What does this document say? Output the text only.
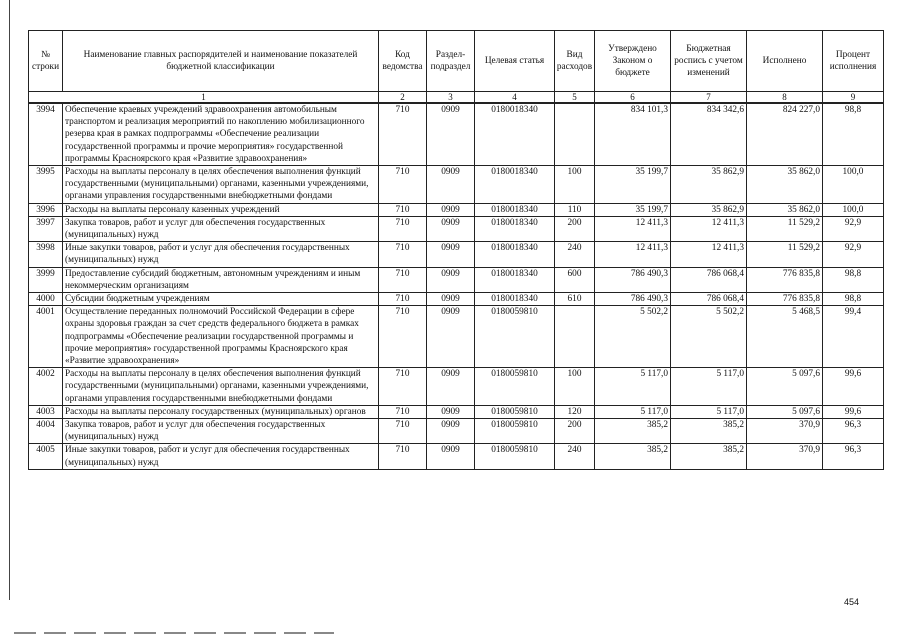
№ строки	Наименование главных распорядителей и наименование показателей бюджетной классификации	Код ведомства	Раздел-подраздел	Целевая статья	Вид расходов	Утверждено Законом о бюджете	Бюджетная роспись с учетом изменений	Исполнено	Процент исполнения
1		2	3	4	5	6	7	8	9
3994	Обеспечение краевых учреждений здравоохранения автомобильным транспортом и реализация мероприятий по накоплению мобилизационного резерва края в рамках подпрограммы «Обеспечение реализации государственной программы и прочие мероприятия» государственной программы Красноярского края «Развитие здравоохранения»	710	0909	0180018340		834 101,3	834 342,6	824 227,0	98,8
3995	Расходы на выплаты персоналу в целях обеспечения выполнения функций государственными (муниципальными) органами, казенными учреждениями, органами управления государственными внебюджетными фондами	710	0909	0180018340	100	35 199,7	35 862,9	35 862,0	100,0
3996	Расходы на выплаты персоналу казенных учреждений	710	0909	0180018340	110	35 199,7	35 862,9	35 862,0	100,0
3997	Закупка товаров, работ и услуг для обеспечения государственных (муниципальных) нужд	710	0909	0180018340	200	12 411,3	12 411,3	11 529,2	92,9
3998	Иные закупки товаров, работ и услуг для обеспечения государственных (муниципальных) нужд	710	0909	0180018340	240	12 411,3	12 411,3	11 529,2	92,9
3999	Предоставление субсидий бюджетным, автономным учреждениям и иным некоммерческим организациям	710	0909	0180018340	600	786 490,3	786 068,4	776 835,8	98,8
4000	Субсидии бюджетным учреждениям	710	0909	0180018340	610	786 490,3	786 068,4	776 835,8	98,8
4001	Осуществление переданных полномочий Российской Федерации в сфере охраны здоровья граждан за счет средств федерального бюджета в рамках подпрограммы «Обеспечение реализации государственной программы и прочие мероприятия» государственной программы Красноярского края «Развитие здравоохранения»	710	0909	0180059810		5 502,2	5 502,2	5 468,5	99,4
4002	Расходы на выплаты персоналу в целях обеспечения выполнения функций государственными (муниципальными) органами, казенными учреждениями, органами управления государственными внебюджетными фондами	710	0909	0180059810	100	5 117,0	5 117,0	5 097,6	99,6
4003	Расходы на выплаты персоналу государственных (муниципальных) органов	710	0909	0180059810	120	5 117,0	5 117,0	5 097,6	99,6
4004	Закупка товаров, работ и услуг для обеспечения государственных (муниципальных) нужд	710	0909	0180059810	200	385,2	385,2	370,9	96,3
4005	Иные закупки товаров, работ и услуг для обеспечения государственных (муниципальных) нужд	710	0909	0180059810	240	385,2	385,2	370,9	96,3
454
